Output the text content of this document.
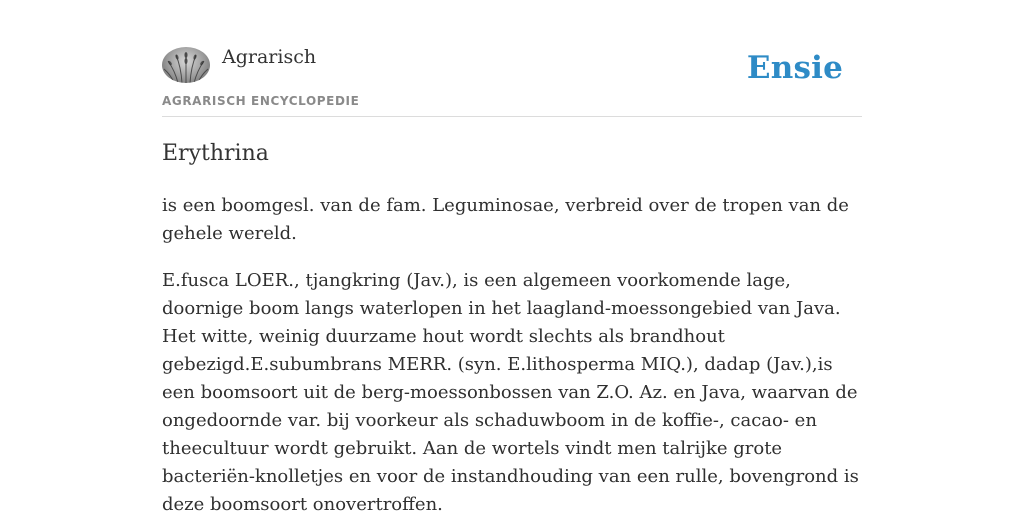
Agrarisch	Ensie
AGRARISCH ENCYCLOPEDIE
Erythrina

is een boomgesl. van de fam. Leguminosae, verbreid over de tropen van de gehele wereld.

E.fusca LOER., tjangkring (Jav.), is een algemeen voorkomende lage, doornige boom langs waterlopen in het laagland-moessongebied van Java. Het witte, weinig duurzame hout wordt slechts als brandhout gebezigd.E.subumbrans MERR. (syn. E.lithosperma MIQ.), dadap (Jav.),is een boomsoort uit de berg-moessonbossen van Z.O. Az. en Java, waarvan de ongedoornde var. bij voorkeur als schaduwboom in de koffie-, cacao- en theecultuur wordt gebruikt. Aan de wortels vindt men talrijke grote bacteriën-knolletjes en voor de instandhouding van een rulle, bovengrond is deze boomsoort onovertroffen.
